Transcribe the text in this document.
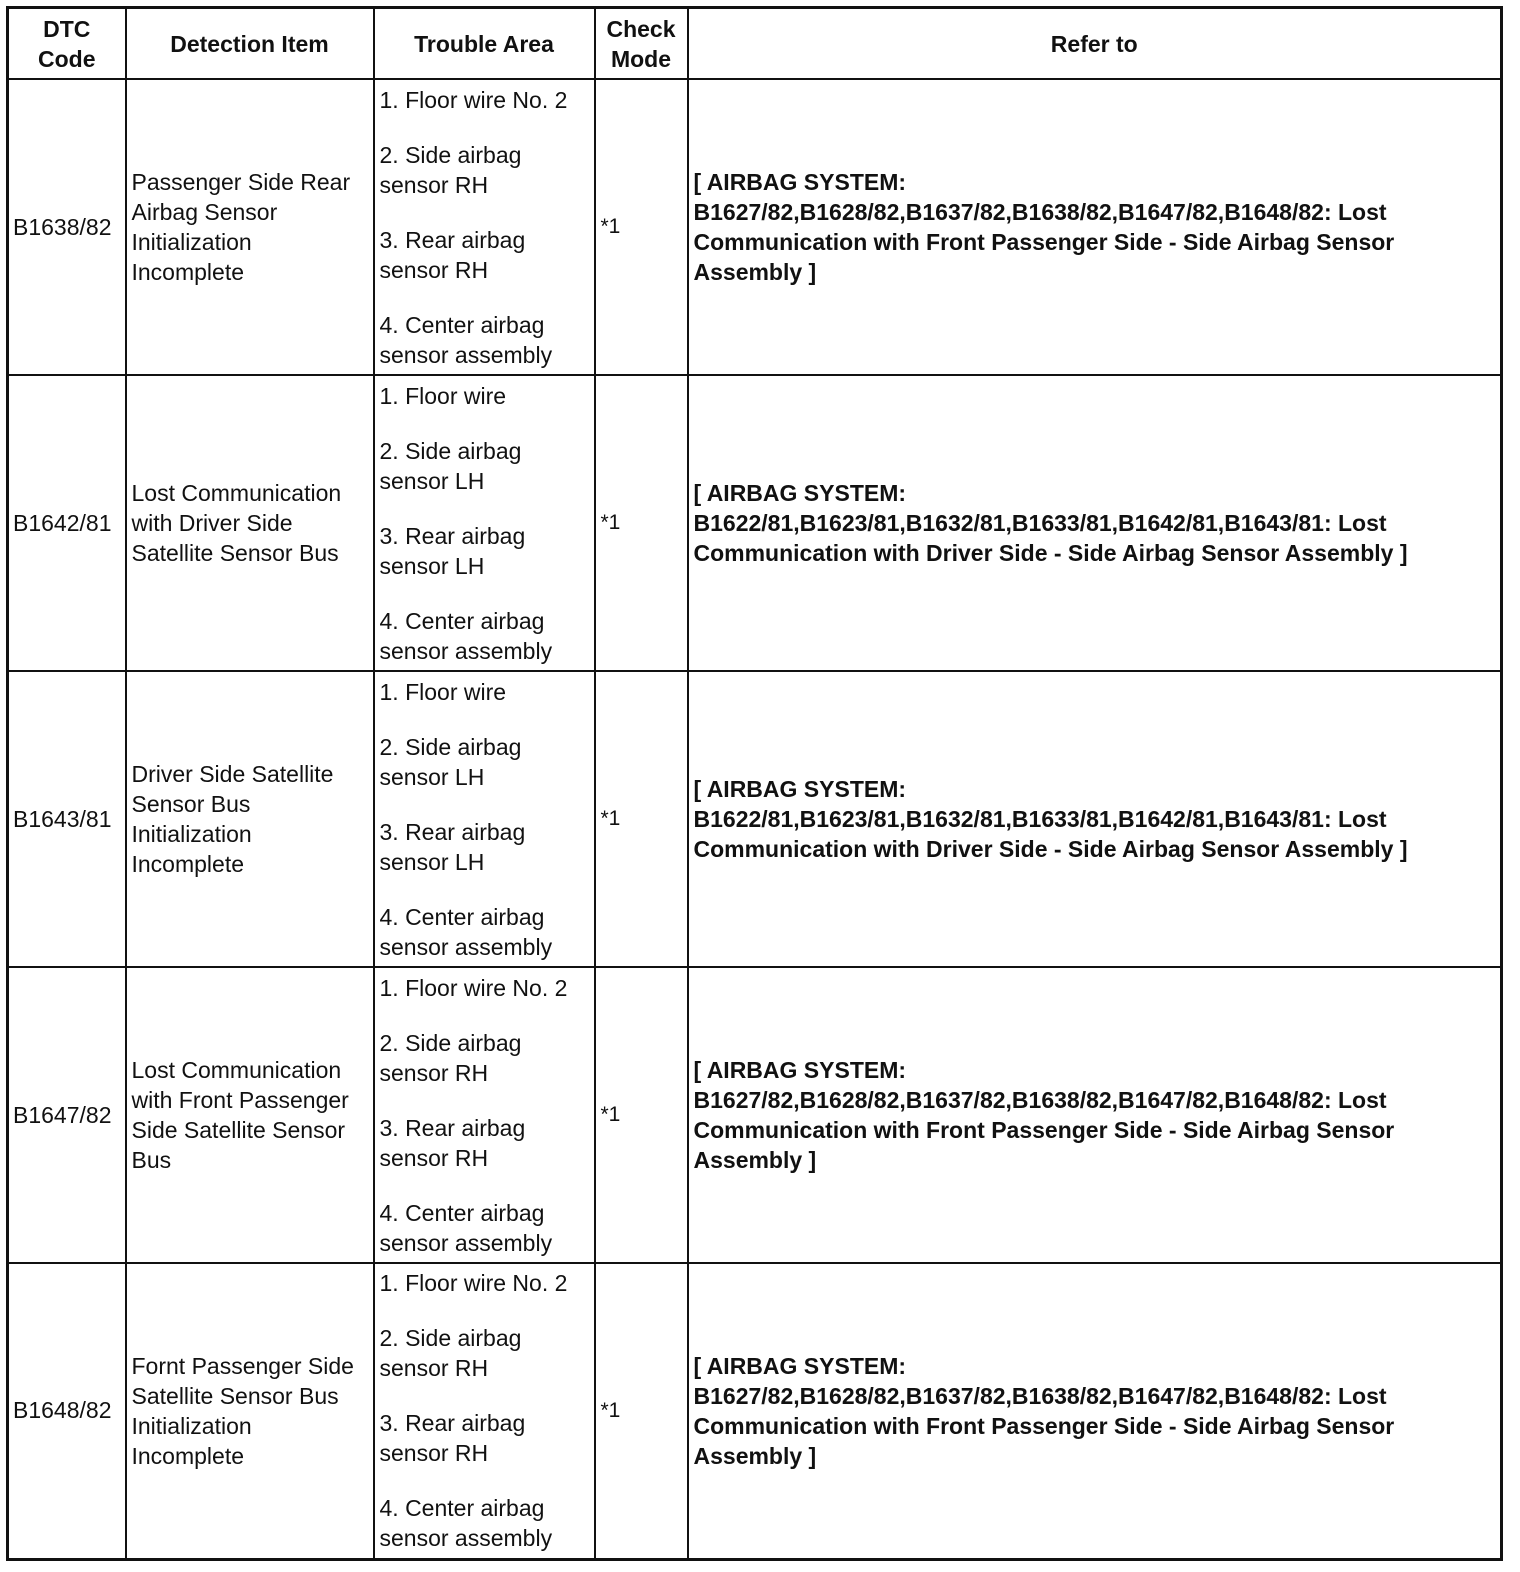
DTC Code	Detection Item	Trouble Area	Check Mode	Refer to
B1638/82	Passenger Side Rear Airbag Sensor Initialization Incomplete	1. Floor wire No. 2
2. Side airbag sensor RH
3. Rear airbag sensor RH
4. Center airbag sensor assembly	*1	[ AIRBAG SYSTEM: B1627/82,B1628/82,B1637/82,B1638/82,B1647/82,B1648/82: Lost Communication with Front Passenger Side - Side Airbag Sensor Assembly ]
B1642/81	Lost Communication with Driver Side Satellite Sensor Bus	1. Floor wire
2. Side airbag sensor LH
3. Rear airbag sensor LH
4. Center airbag sensor assembly	*1	[ AIRBAG SYSTEM: B1622/81,B1623/81,B1632/81,B1633/81,B1642/81,B1643/81: Lost Communication with Driver Side - Side Airbag Sensor Assembly ]
B1643/81	Driver Side Satellite Sensor Bus Initialization Incomplete	1. Floor wire
2. Side airbag sensor LH
3. Rear airbag sensor LH
4. Center airbag sensor assembly	*1	[ AIRBAG SYSTEM: B1622/81,B1623/81,B1632/81,B1633/81,B1642/81,B1643/81: Lost Communication with Driver Side - Side Airbag Sensor Assembly ]
B1647/82	Lost Communication with Front Passenger Side Satellite Sensor Bus	1. Floor wire No. 2
2. Side airbag sensor RH
3. Rear airbag sensor RH
4. Center airbag sensor assembly	*1	[ AIRBAG SYSTEM: B1627/82,B1628/82,B1637/82,B1638/82,B1647/82,B1648/82: Lost Communication with Front Passenger Side - Side Airbag Sensor Assembly ]
B1648/82	Fornt Passenger Side Satellite Sensor Bus Initialization Incomplete	1. Floor wire No. 2
2. Side airbag sensor RH
3. Rear airbag sensor RH
4. Center airbag sensor assembly	*1	[ AIRBAG SYSTEM: B1627/82,B1628/82,B1637/82,B1638/82,B1647/82,B1648/82: Lost Communication with Front Passenger Side - Side Airbag Sensor Assembly ]
